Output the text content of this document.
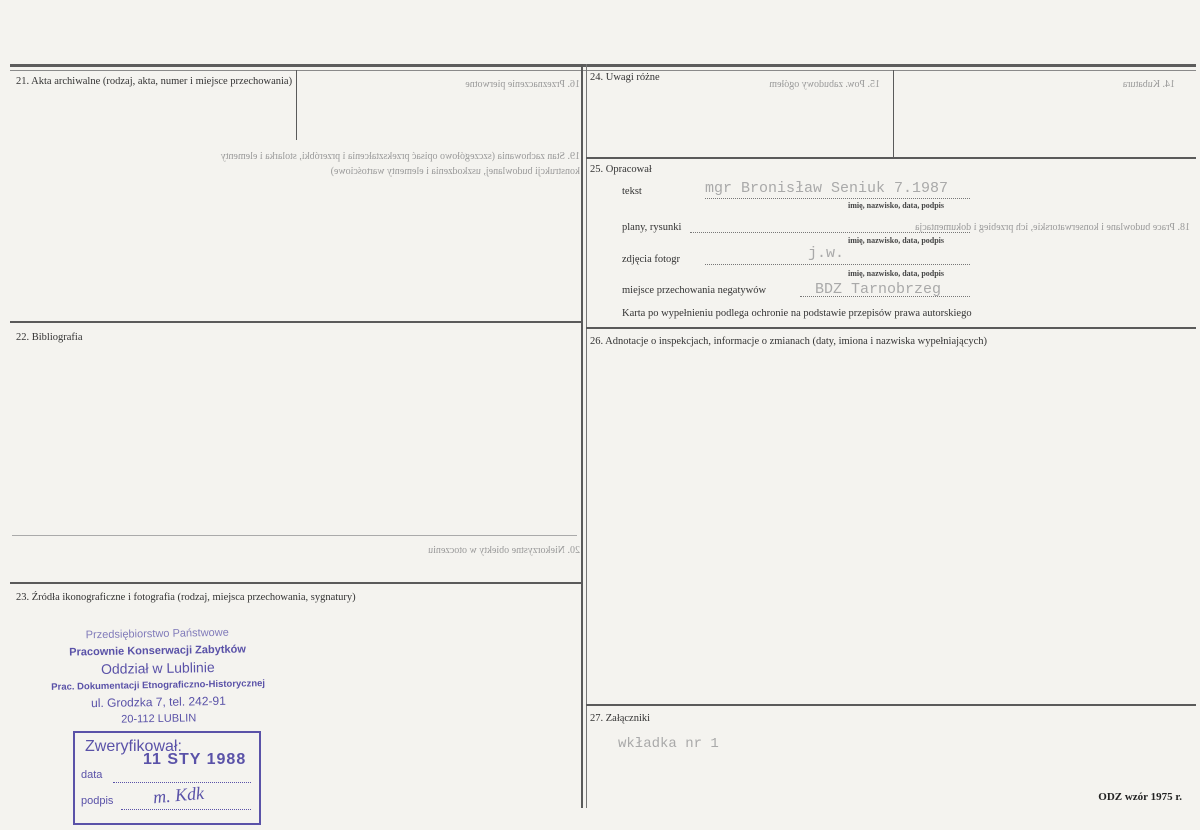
16. Przeznaczenie pierwotne	15. Pow. zabudowy ogółem	14. Kubatura
19. Stan zachowania (szczegółowo opisać przekształcenia i przeróbki, stolarka i elementy
konstrukcji budowlanej, uszkodzenia i elementy wartościowe)
18. Prace budowlane i konserwatorskie, ich przebieg i dokumentacja
20. Niekorzystne obiekty w otoczeniu
21. Akta archiwalne (rodzaj, akta, numer i miejsce przechowania)
22. Bibliografia
23. Źródła ikonograficzne i fotografia (rodzaj, miejsca przechowania, sygnatury)
24. Uwagi różne
25. Opracował
26. Adnotacje o inspekcjach, informacje o zmianach (daty, imiona i nazwiska wypełniających)
27. Załączniki
tekst	mgr Bronisław Seniuk 7.1987
imię, nazwisko, data, podpis
plany, rysunki
imię, nazwisko, data, podpis
zdjęcia fotogr	j.w.
imię, nazwisko, data, podpis
miejsce przechowania negatywów	BDZ Tarnobrzeg
Karta po wypełnieniu podlega ochronie na podstawie przepisów prawa autorskiego
wkładka nr 1
Przedsiębiorstwo Państwowe
Pracownie Konserwacji Zabytków
Oddział w Lublinie
Prac. Dokumentacji Etnograficzno-Historycznej
ul. Grodzka 7, tel. 242-91
20-112 LUBLIN
Zweryfikował:
data
11 STY 1988
podpis m. Kdk	ODZ wzór 1975 r.
